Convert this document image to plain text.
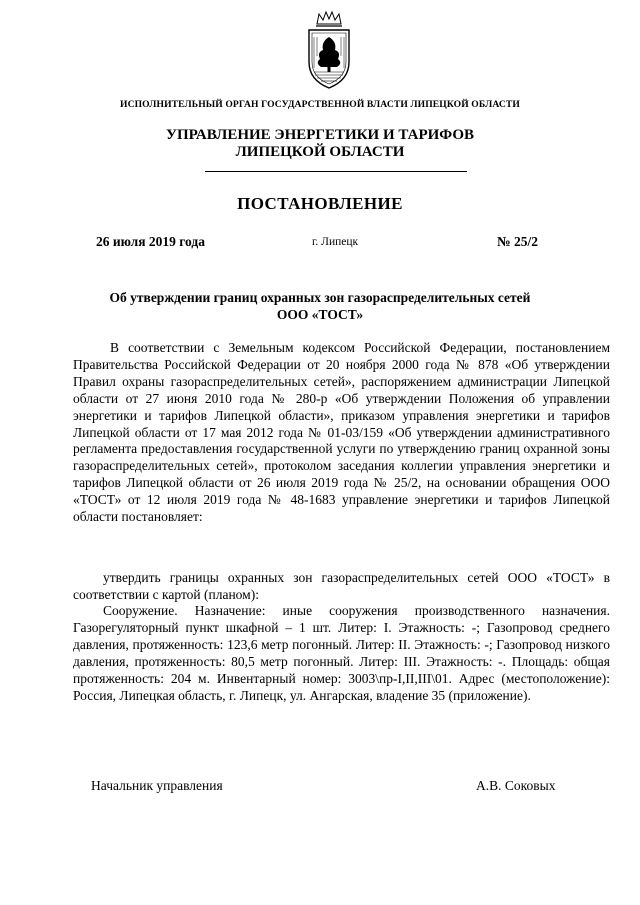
ИСПОЛНИТЕЛЬНЫЙ ОРГАН ГОСУДАРСТВЕННОЙ ВЛАСТИ ЛИПЕЦКОЙ ОБЛАСТИ
УПРАВЛЕНИЕ ЭНЕРГЕТИКИ И ТАРИФОВ
ЛИПЕЦКОЙ ОБЛАСТИ
ПОСТАНОВЛЕНИЕ
26 июля 2019 года	г. Липецк	№ 25/2
Об утверждении границ охранных зон газораспределительных сетей
ООО «ТОСТ»
В соответствии с Земельным кодексом Российской Федерации, постановлением Правительства Российской Федерации от 20 ноября 2000 года № 878 «Об утверждении Правил охраны газораспределительных сетей», распоряжением администрации Липецкой области от 27 июня 2010 года № 280-р «Об утверждении Положения об управлении энергетики и тарифов Липецкой области», приказом управления энергетики и тарифов Липецкой области от 17 мая 2012 года № 01-03/159 «Об утверждении административного регламента предоставления государственной услуги по утверждению границ охранной зоны газораспределительных сетей», протоколом заседания коллегии управления энергетики и тарифов Липецкой области от 26 июля 2019 года № 25/2, на основании обращения ООО «ТОСТ» от 12 июля 2019 года № 48-1683 управление энергетики и тарифов Липецкой области постановляет:
утвердить границы охранных зон газораспределительных сетей ООО «ТОСТ» в соответствии с картой (планом):
Сооружение. Назначение: иные сооружения производственного назначения. Газорегуляторный пункт шкафной – 1 шт. Литер: I. Этажность: -; Газопровод среднего давления, протяженность: 123,6 метр погонный. Литер: II. Этажность: -; Газопровод низкого давления, протяженность: 80,5 метр погонный. Литер: III. Этажность: -. Площадь: общая протяженность: 204 м. Инвентарный номер: 3003\пр-I,II,III\01. Адрес (местоположение): Россия, Липецкая область, г. Липецк, ул. Ангарская, владение 35 (приложение).
Начальник управления	А.В. Соковых
